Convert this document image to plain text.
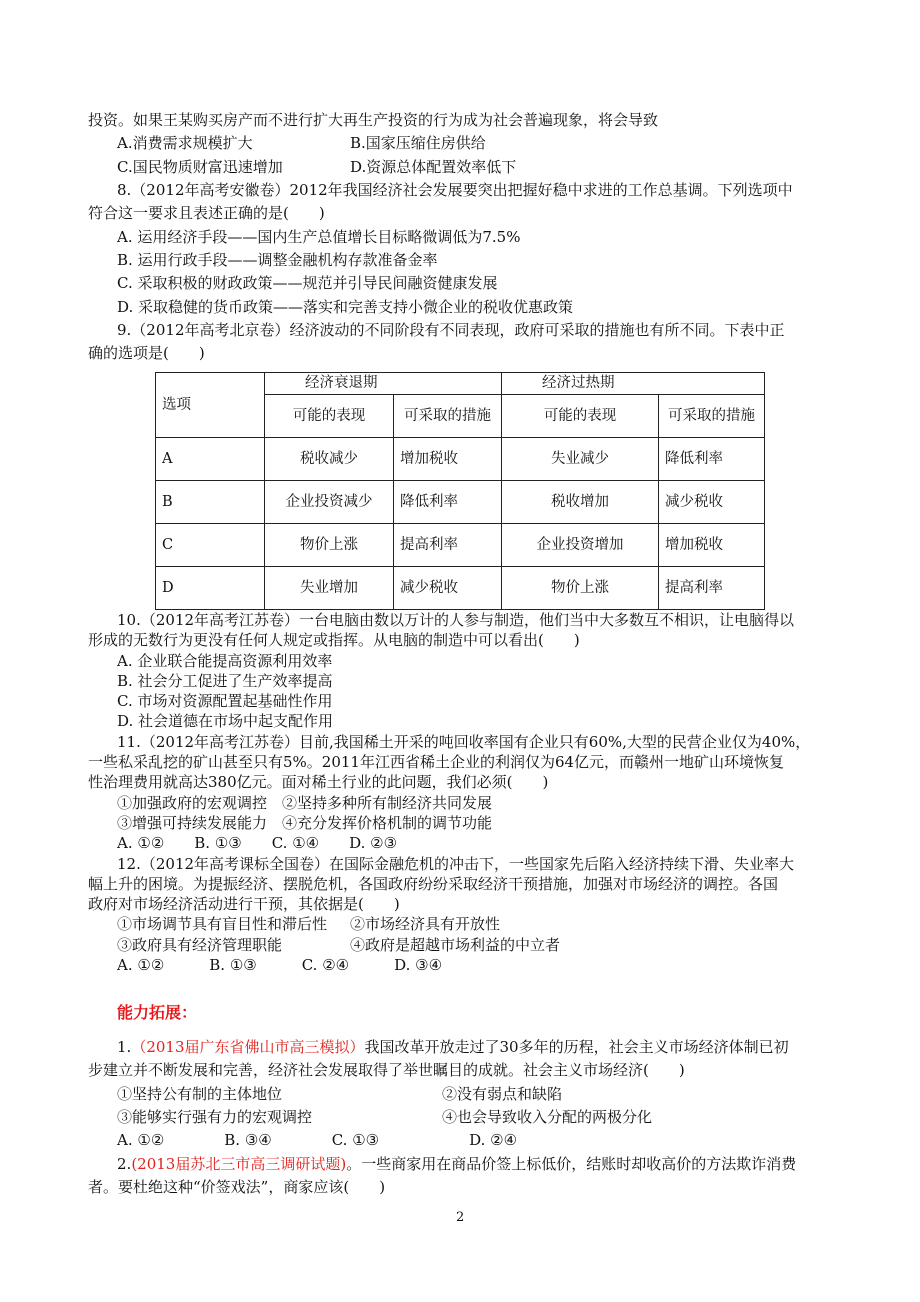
投资。如果王某购买房产而不进行扩大再生产投资的行为成为社会普遍现象，将会导致
A.消费需求规模扩大	B.国家压缩住房供给
C.国民物质财富迅速增加	D.资源总体配置效率低下
8.（2012年高考安徽卷）2012年我国经济社会发展要突出把握好稳中求进的工作总基调。下列选项中
符合这一要求且表述正确的是(　　)
A. 运用经济手段——国内生产总值增长目标略微调低为7.5%
B. 运用行政手段——调整金融机构存款准备金率
C. 采取积极的财政政策——规范并引导民间融资健康发展
D. 采取稳健的货币政策——落实和完善支持小微企业的税收优惠政策
9.（2012年高考北京卷）经济波动的不同阶段有不同表现，政府可采取的措施也有所不同。下表中正
确的选项是(　　)
选项	经济衰退期		经济过热期	
	可能的表现	可采取的措施	可能的表现	可采取的措施
A	税收减少	增加税收	失业减少	降低利率
B	企业投资减少	降低利率	税收增加	减少税收
C	物价上涨	提高利率	企业投资增加	增加税收
D	失业增加	减少税收	物价上涨	提高利率
10.（2012年高考江苏卷）一台电脑由数以万计的人参与制造，他们当中大多数互不相识，让电脑得以
形成的无数行为更没有任何人规定或指挥。从电脑的制造中可以看出(　　)
A. 企业联合能提高资源利用效率
B. 社会分工促进了生产效率提高
C. 市场对资源配置起基础性作用
D. 社会道德在市场中起支配作用
11.（2012年高考江苏卷）目前,我国稀土开采的吨回收率国有企业只有60%,大型的民营企业仅为40%，
一些私采乱挖的矿山甚至只有5%。2011年江西省稀土企业的利润仅为64亿元，而赣州一地矿山环境恢复
性治理费用就高达380亿元。面对稀土行业的此问题，我们必须(　　)
①加强政府的宏观调控　②坚持多种所有制经济共同发展
③增强可持续发展能力　④充分发挥价格机制的调节功能
A. ①②　　B. ①③　　C. ①④　　D. ②③
12.（2012年高考课标全国卷）在国际金融危机的冲击下，一些国家先后陷入经济持续下滑、失业率大
幅上升的困境。为提振经济、摆脱危机，各国政府纷纷采取经济干预措施，加强对市场经济的调控。各国
政府对市场经济活动进行干预，其依据是(　　)
①市场调节具有盲目性和滞后性 ②市场经济具有开放性
③政府具有经济管理职能	④政府是超越市场利益的中立者
A. ①②　　　B. ①③　　　C. ②④　　　D. ③④
能力拓展：
1.（2013届广东省佛山市高三模拟）我国改革开放走过了30多年的历程，社会主义市场经济体制已初
步建立并不断发展和完善，经济社会发展取得了举世瞩目的成就。社会主义市场经济(　　)
①坚持公有制的主体地位	②没有弱点和缺陷
③能够实行强有力的宏观调控	④也会导致收入分配的两极分化
A. ①②　　　　B. ③④　　　　C. ①③　　　　　　D. ②④
2.(2013届苏北三市高三调研试题)。一些商家用在商品价签上标低价，结账时却收高价的方法欺诈消费
者。要杜绝这种“价签戏法”，商家应该(　　)
2
